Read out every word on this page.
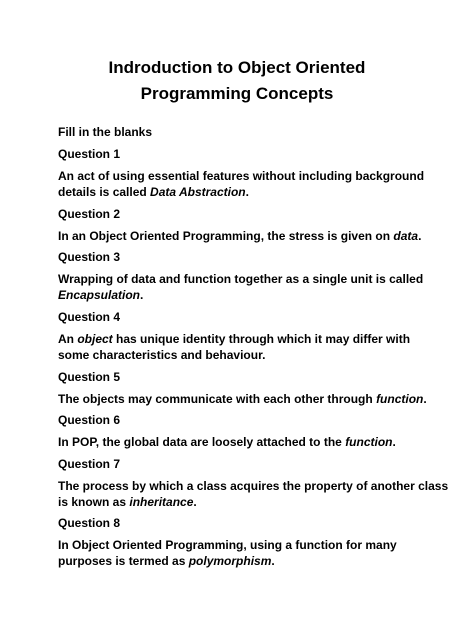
Indroduction to Object Oriented
Programming Concepts
Fill in the blanks
Question 1
An act of using essential features without including background
details is called Data Abstraction.
Question 2
In an Object Oriented Programming, the stress is given on data.
Question 3
Wrapping of data and function together as a single unit is called
Encapsulation.
Question 4
An object has unique identity through which it may differ with
some characteristics and behaviour.
Question 5
The objects may communicate with each other through function.
Question 6
In POP, the global data are loosely attached to the function.
Question 7
The process by which a class acquires the property of another class
is known as inheritance.
Question 8
In Object Oriented Programming, using a function for many
purposes is termed as polymorphism.
